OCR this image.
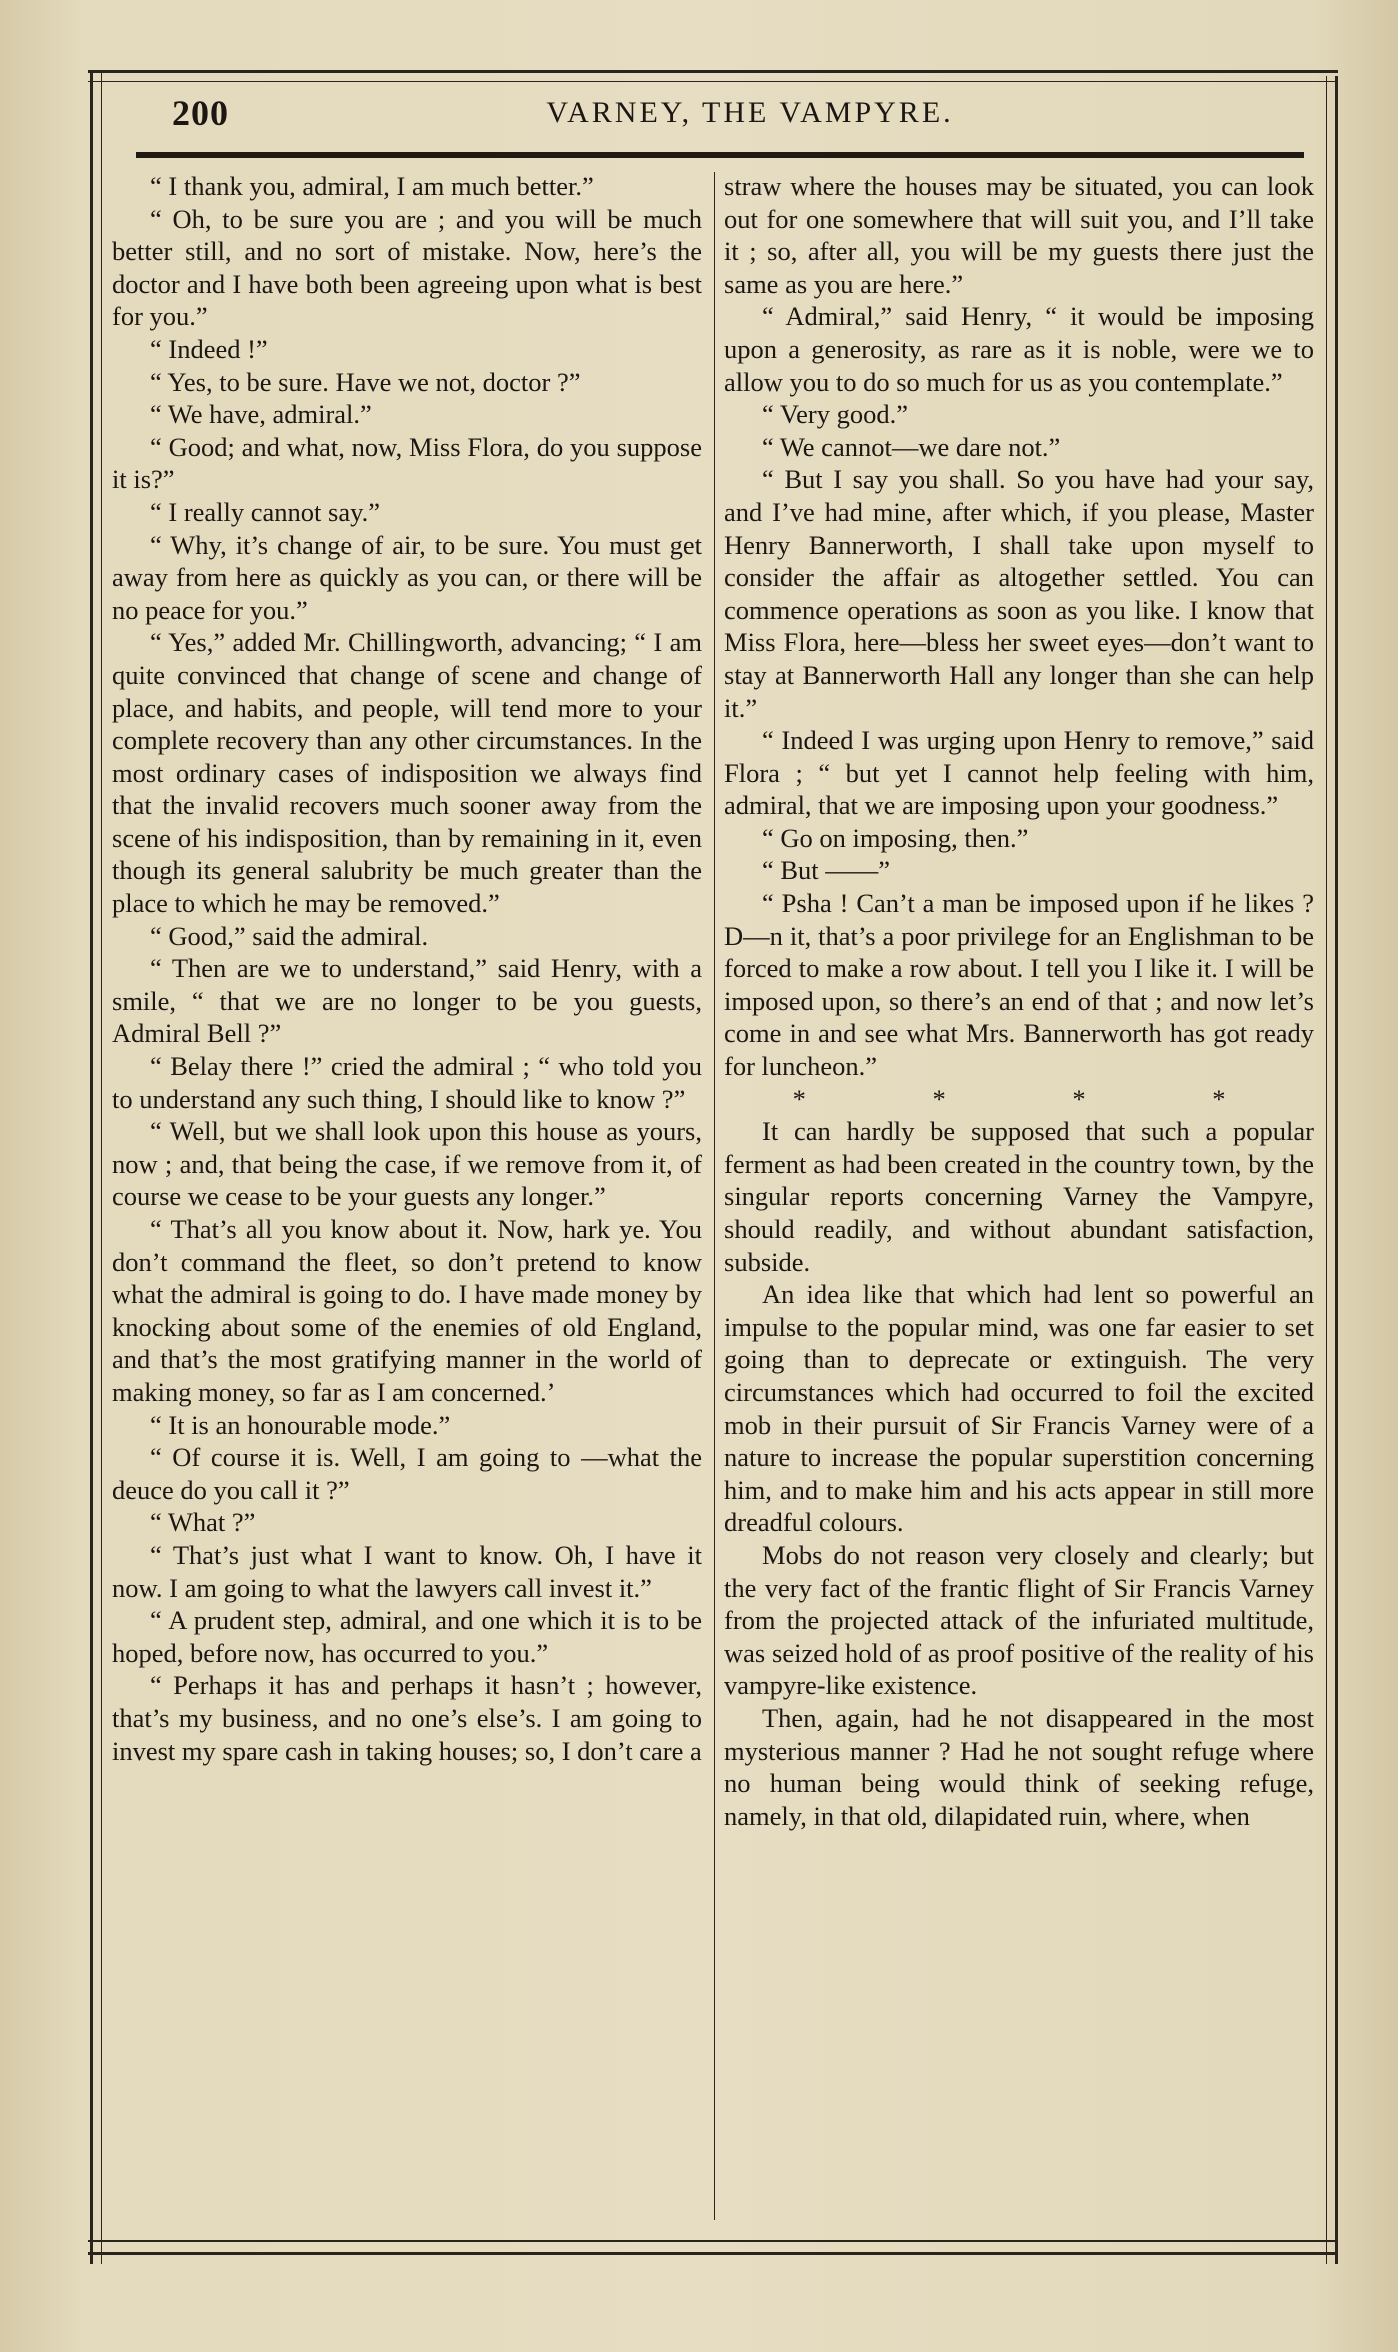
200	VARNEY, THE VAMPYRE.

“ I thank you, admiral, I am much better.”

“ Oh, to be sure you are ; and you will be much better still, and no sort of mistake. Now, here’s the doctor and I have both been agreeing upon what is best for you.”

“ Indeed !”

“ Yes, to be sure. Have we not, doctor ?”

“ We have, admiral.”

“ Good; and what, now, Miss Flora, do you suppose it is?”

“ I really cannot say.”

“ Why, it’s change of air, to be sure. You must get away from here as quickly as you can, or there will be no peace for you.”

“ Yes,” added Mr. Chillingworth, advancing; “ I am quite convinced that change of scene and change of place, and habits, and people, will tend more to your complete recovery than any other circumstances. In the most ordinary cases of indisposition we always find that the invalid recovers much sooner away from the scene of his indisposition, than by remaining in it, even though its general salubrity be much greater than the place to which he may be removed.”

“ Good,” said the admiral.

“ Then are we to understand,” said Henry, with a smile, “ that we are no longer to be you guests, Admiral Bell ?”

“ Belay there !” cried the admiral ; “ who told you to understand any such thing, I should like to know ?”

“ Well, but we shall look upon this house as yours, now ; and, that being the case, if we remove from it, of course we cease to be your guests any longer.”

“ That’s all you know about it. Now, hark ye. You don’t command the fleet, so don’t pretend to know what the admiral is going to do. I have made money by knocking about some of the enemies of old England, and that’s the most gratifying manner in the world of making money, so far as I am concerned.’

“ It is an honourable mode.”

“ Of course it is. Well, I am going to —what the deuce do you call it ?”

“ What ?”

“ That’s just what I want to know. Oh, I have it now. I am going to what the lawyers call invest it.”

“ A prudent step, admiral, and one which it is to be hoped, before now, has occurred to you.”

“ Perhaps it has and perhaps it hasn’t ; however, that’s my business, and no one’s else’s. I am going to invest my spare cash in taking houses; so, I don’t care a

straw where the houses may be situated, you can look out for one somewhere that will suit you, and I’ll take it ; so, after all, you will be my guests there just the same as you are here.”

“ Admiral,” said Henry, “ it would be imposing upon a generosity, as rare as it is noble, were we to allow you to do so much for us as you contemplate.”

“ Very good.”

“ We cannot—we dare not.”

“ But I say you shall. So you have had your say, and I’ve had mine, after which, if you please, Master Henry Bannerworth, I shall take upon myself to consider the affair as altogether settled. You can commence operations as soon as you like. I know that Miss Flora, here—bless her sweet eyes—don’t want to stay at Bannerworth Hall any longer than she can help it.”

“ Indeed I was urging upon Henry to remove,” said Flora ; “ but yet I cannot help feeling with him, admiral, that we are imposing upon your goodness.”

“ Go on imposing, then.”

“ But ——”

“ Psha ! Can’t a man be imposed upon if he likes ? D—n it, that’s a poor privilege for an Englishman to be forced to make a row about. I tell you I like it. I will be imposed upon, so there’s an end of that ; and now let’s come in and see what Mrs. Bannerworth has got ready for luncheon.”

* * * *

It can hardly be supposed that such a popular ferment as had been created in the country town, by the singular reports concerning Varney the Vampyre, should readily, and without abundant satisfaction, subside.

An idea like that which had lent so powerful an impulse to the popular mind, was one far easier to set going than to deprecate or extinguish. The very circumstances which had occurred to foil the excited mob in their pursuit of Sir Francis Varney were of a nature to increase the popular superstition concerning him, and to make him and his acts appear in still more dreadful colours.

Mobs do not reason very closely and clearly; but the very fact of the frantic flight of Sir Francis Varney from the projected attack of the infuriated multitude, was seized hold of as proof positive of the reality of his vampyre-like existence.

Then, again, had he not disappeared in the most mysterious manner ? Had he not sought refuge where no human being would think of seeking refuge, namely, in that old, dilapidated ruin, where, when
